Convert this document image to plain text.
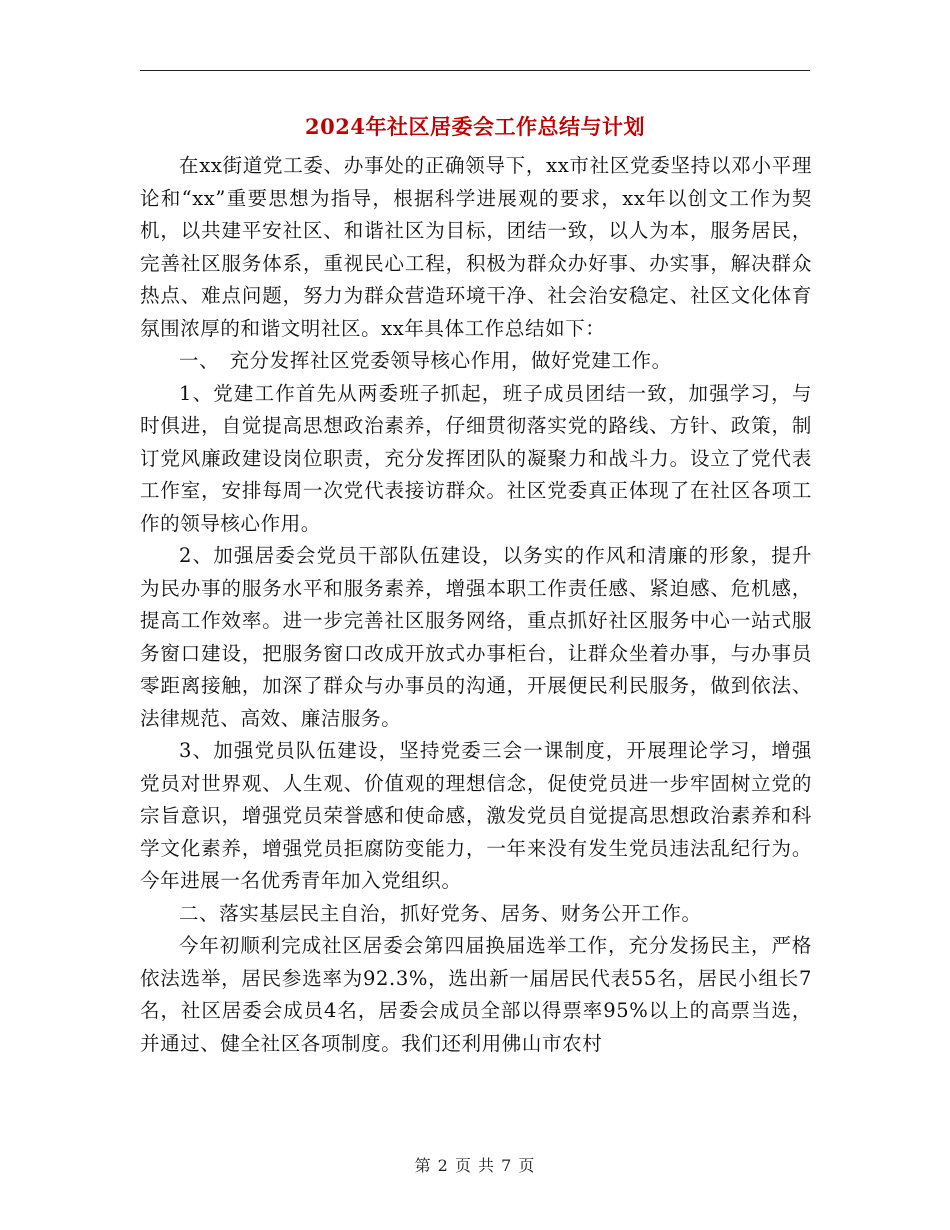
2024年社区居委会工作总结与计划

在xx街道党工委、办事处的正确领导下，xx市社区党委坚持以邓小平理论和“xx”重要思想为指导，根据科学进展观的要求，xx年以创文工作为契机，以共建平安社区、和谐社区为目标，团结一致，以人为本，服务居民，完善社区服务体系，重视民心工程，积极为群众办好事、办实事，解决群众热点、难点问题，努力为群众营造环境干净、社会治安稳定、社区文化体育氛围浓厚的和谐文明社区。xx年具体工作总结如下：

一、　充分发挥社区党委领导核心作用，做好党建工作。

1、党建工作首先从两委班子抓起，班子成员团结一致，加强学习，与时俱进，自觉提高思想政治素养，仔细贯彻落实党的路线、方针、政策，制订党风廉政建设岗位职责，充分发挥团队的凝聚力和战斗力。设立了党代表工作室，安排每周一次党代表接访群众。社区党委真正体现了在社区各项工作的领导核心作用。

2、加强居委会党员干部队伍建设，以务实的作风和清廉的形象，提升为民办事的服务水平和服务素养，增强本职工作责任感、紧迫感、危机感，提高工作效率。进一步完善社区服务网络，重点抓好社区服务中心一站式服务窗口建设，把服务窗口改成开放式办事柜台，让群众坐着办事，与办事员零距离接触，加深了群众与办事员的沟通，开展便民利民服务，做到依法、法律规范、高效、廉洁服务。

3、加强党员队伍建设，坚持党委三会一课制度，开展理论学习，增强党员对世界观、人生观、价值观的理想信念，促使党员进一步牢固树立党的宗旨意识，增强党员荣誉感和使命感，激发党员自觉提高思想政治素养和科学文化素养，增强党员拒腐防变能力，一年来没有发生党员违法乱纪行为。今年进展一名优秀青年加入党组织。

二、落实基层民主自治，抓好党务、居务、财务公开工作。

今年初顺利完成社区居委会第四届换届选举工作，充分发扬民主，严格依法选举，居民参选率为92.3%，选出新一届居民代表55名，居民小组长7名，社区居委会成员4名，居委会成员全部以得票率95%以上的高票当选，并通过、健全社区各项制度。我们还利用佛山市农村

第 2 页 共 7 页
